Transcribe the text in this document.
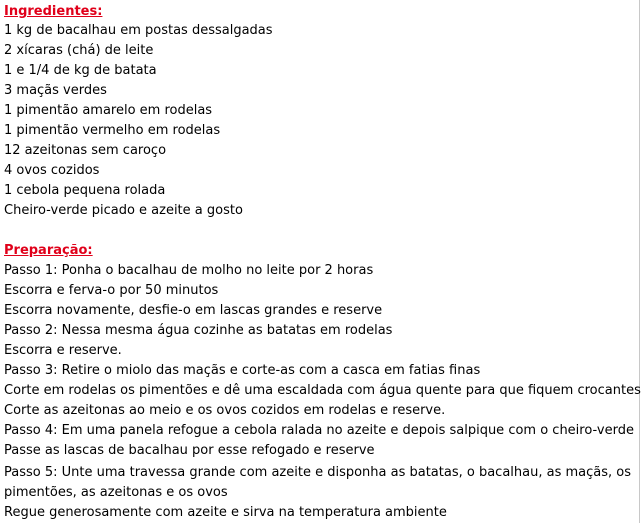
Ingredientes:
1 kg de bacalhau em postas dessalgadas
2 xícaras (chá) de leite
1 e 1/4 de kg de batata
3 maçãs verdes
1 pimentão amarelo em rodelas
1 pimentão vermelho em rodelas
12 azeitonas sem caroço
4 ovos cozidos
1 cebola pequena rolada
Cheiro-verde picado e azeite a gosto
Preparação:
Passo 1: Ponha o bacalhau de molho no leite por 2 horas
Escorra e ferva-o por 50 minutos
Escorra novamente, desfie-o em lascas grandes e reserve
Passo 2: Nessa mesma água cozinhe as batatas em rodelas
Escorra e reserve.
Passo 3: Retire o miolo das maçãs e corte-as com a casca em fatias finas
Corte em rodelas os pimentões e dê uma escaldada com água quente para que fiquem crocantes
Corte as azeitonas ao meio e os ovos cozidos em rodelas e reserve.
Passo 4: Em uma panela refogue a cebola ralada no azeite e depois salpique com o cheiro-verde
Passe as lascas de bacalhau por esse refogado e reserve
Passo 5: Unte uma travessa grande com azeite e disponha as batatas, o bacalhau, as maçãs, os
pimentões, as azeitonas e os ovos
Regue generosamente com azeite e sirva na temperatura ambiente
